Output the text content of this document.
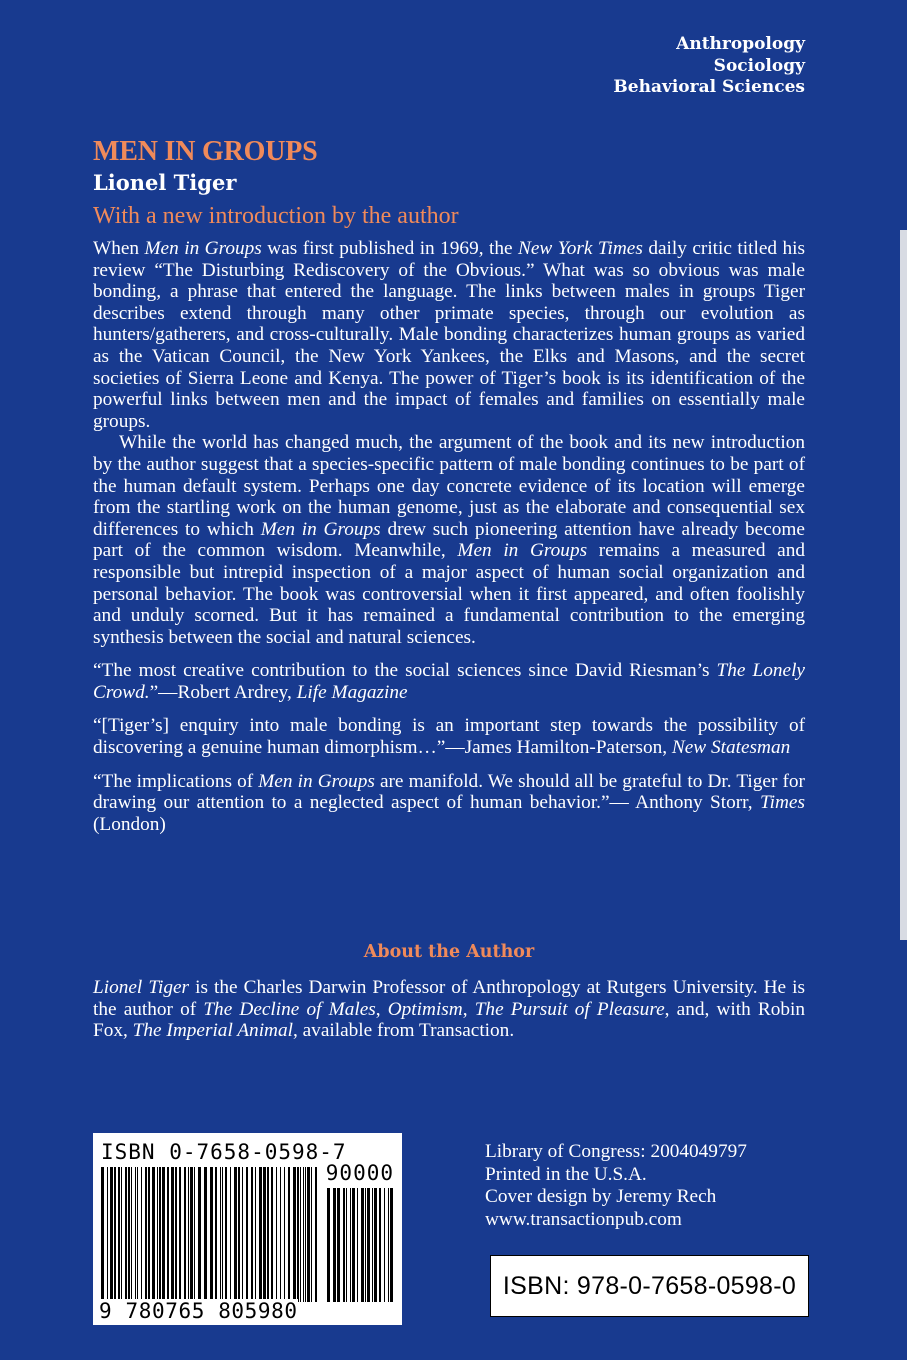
Anthropology
Sociology
Behavioral Sciences
MEN IN GROUPS
Lionel Tiger
With a new introduction by the author

When Men in Groups was first published in 1969, the New York Times daily critic titled his review “The Disturbing Rediscovery of the Obvious.” What was so obvious was male bonding, a phrase that entered the language. The links between males in groups Tiger describes extend through many other primate species, through our evolution as hunters/gatherers, and cross-culturally. Male bonding characterizes human groups as varied as the Vatican Council, the New York Yankees, the Elks and Masons, and the secret societies of Sierra Leone and Kenya. The power of Tiger’s book is its identification of the powerful links between men and the impact of females and families on essentially male groups.

While the world has changed much, the argument of the book and its new introduction by the author suggest that a species-specific pattern of male bonding continues to be part of the human default system. Perhaps one day concrete evidence of its location will emerge from the startling work on the human genome, just as the elaborate and consequential sex differences to which Men in Groups drew such pioneering attention have already become part of the common wisdom. Meanwhile, Men in Groups remains a measured and responsible but intrepid inspection of a major aspect of human social organization and personal behavior. The book was controversial when it first appeared, and often foolishly and unduly scorned. But it has remained a fundamental contribution to the emerging synthesis between the social and natural sciences.

“The most creative contribution to the social sciences since David Riesman’s The Lonely Crowd.”—Robert Ardrey, Life Magazine

“[Tiger’s] enquiry into male bonding is an important step towards the possibility of discovering a genuine human dimorphism…”—James Hamilton-Paterson, New Statesman

“The implications of Men in Groups are manifold. We should all be grateful to Dr. Tiger for drawing our attention to a neglected aspect of human behavior.”— Anthony Storr, Times (London)

About the Author

Lionel Tiger is the Charles Darwin Professor of Anthropology at Rutgers University. He is the author of The Decline of Males, Optimism, The Pursuit of Pleasure, and, with Robin Fox, The Imperial Animal, available from Transaction.

ISBN 0-7658-0598-7
90000
9 780765 805980
Library of Congress: 2004049797
Printed in the U.S.A.
Cover design by Jeremy Rech
www.transactionpub.com
ISBN: 978-0-7658-0598-0
